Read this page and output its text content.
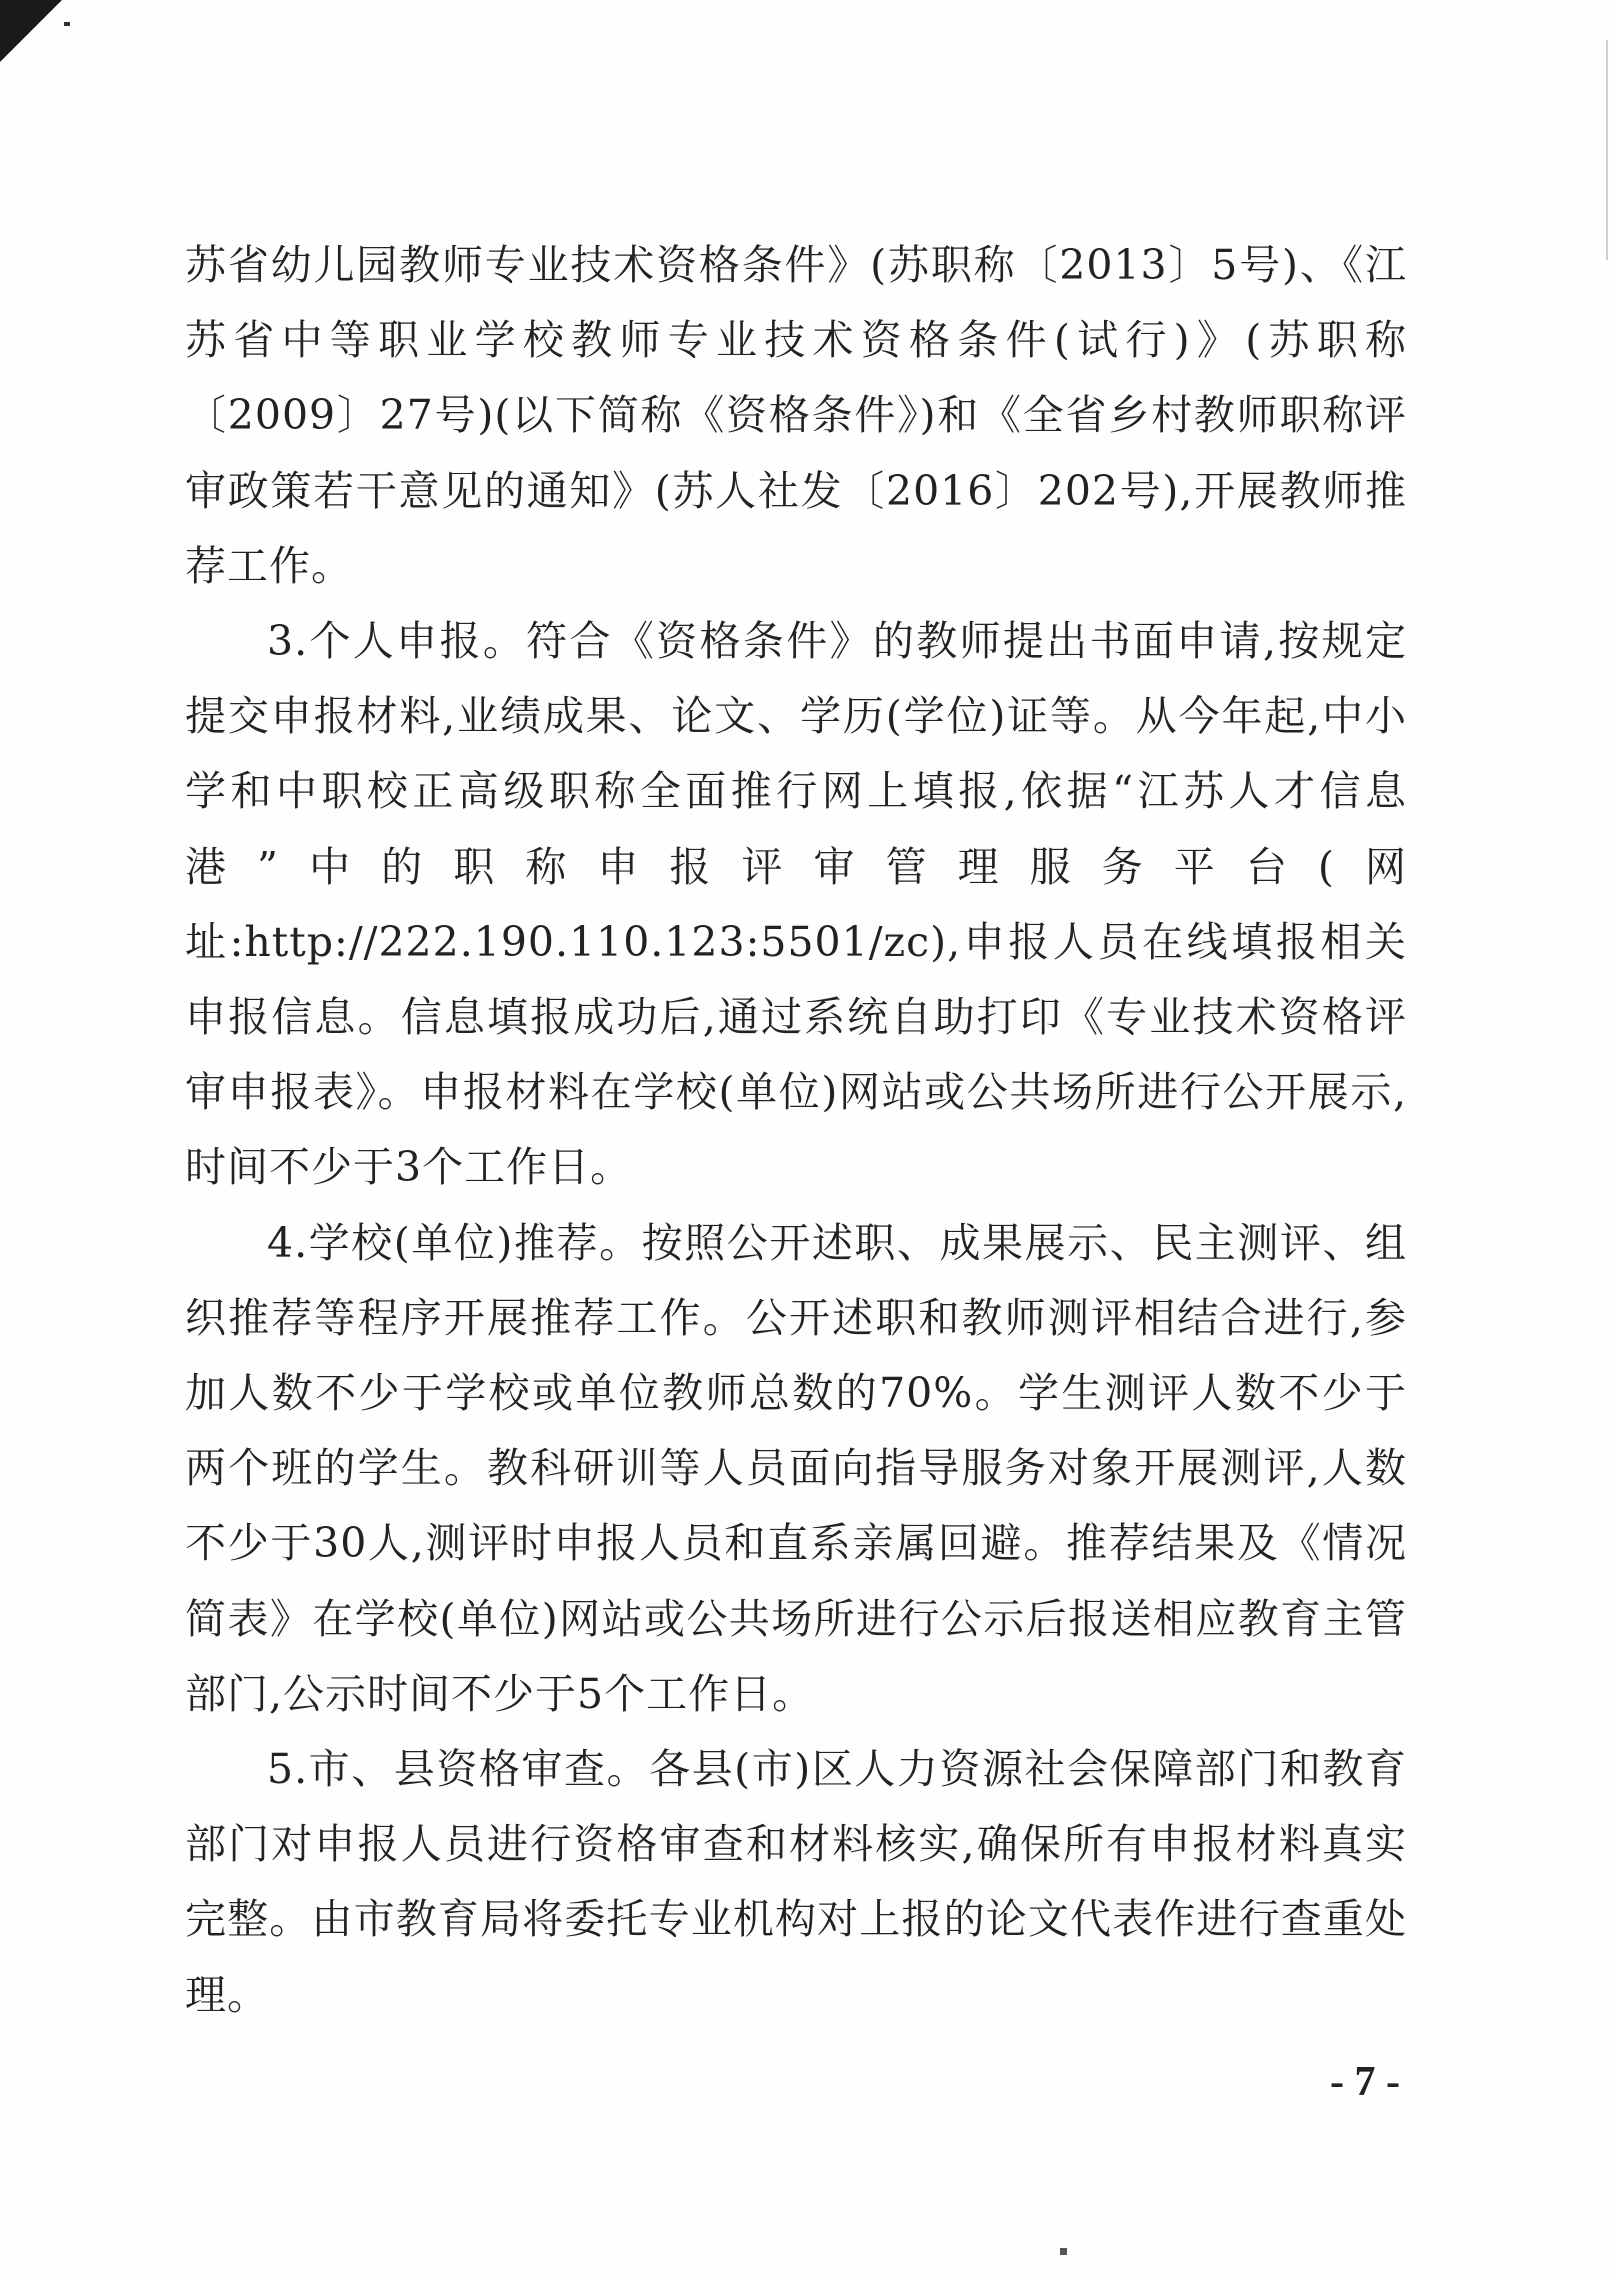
苏省幼儿园教师专业技术资格条件》(苏职称〔2013〕5号)、《江苏省中等职业学校教师专业技术资格条件(试行)》(苏职称〔2009〕27号)(以下简称《资格条件》)和《全省乡村教师职称评审政策若干意见的通知》(苏人社发〔2016〕202号),开展教师推荐工作。

3.个人申报。符合《资格条件》的教师提出书面申请,按规定提交申报材料,业绩成果、论文、学历(学位)证等。从今年起,中小学和中职校正高级职称全面推行网上填报,依据“江苏人才信息港”中的职称申报评审管理服务平台(网址:http://222.190.110.123:5501/zc),申报人员在线填报相关申报信息。信息填报成功后,通过系统自助打印《专业技术资格评审申报表》。申报材料在学校(单位)网站或公共场所进行公开展示,时间不少于3个工作日。

4.学校(单位)推荐。按照公开述职、成果展示、民主测评、组织推荐等程序开展推荐工作。公开述职和教师测评相结合进行,参加人数不少于学校或单位教师总数的70%。学生测评人数不少于两个班的学生。教科研训等人员面向指导服务对象开展测评,人数不少于30人,测评时申报人员和直系亲属回避。推荐结果及《情况简表》在学校(单位)网站或公共场所进行公示后报送相应教育主管部门,公示时间不少于5个工作日。

5.市、县资格审查。各县(市)区人力资源社会保障部门和教育部门对申报人员进行资格审查和材料核实,确保所有申报材料真实完整。由市教育局将委托专业机构对上报的论文代表作进行查重处理。

- 7 -
